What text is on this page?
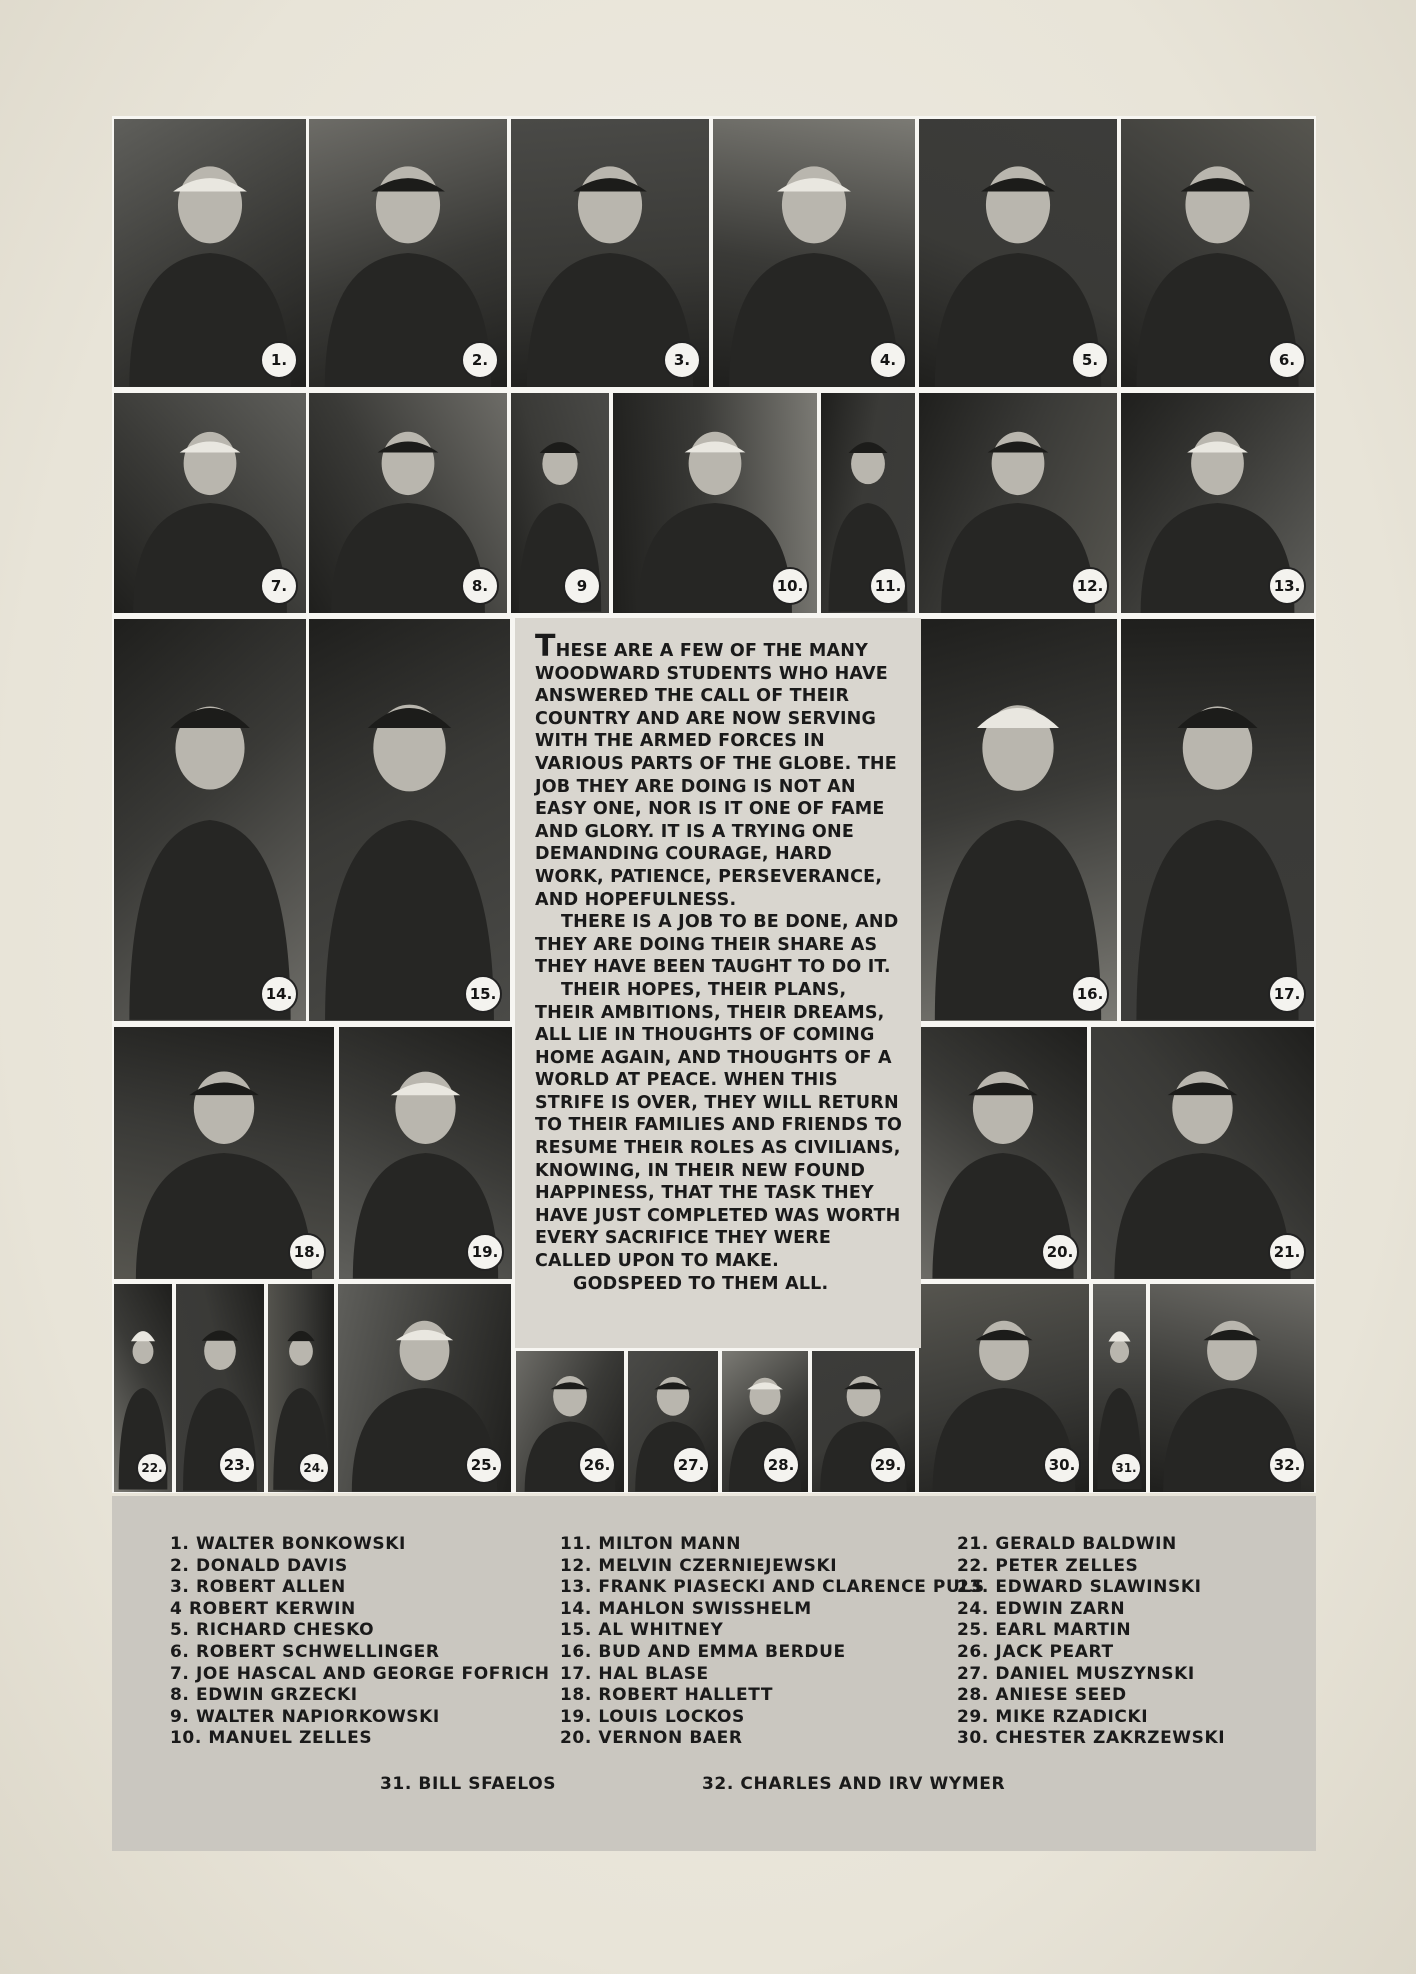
1.	2.	3.	4.	5.	6.
7.	8.	9	10.	11.	12.	13.
14.	15.	16.	17.
18.	19.	20.	21.
22.	23.	24.	25.	26.	27.	28.	29.	30.	31.	32.

THESE ARE A FEW OF THE MANY WOODWARD STUDENTS WHO HAVE ANSWERED THE CALL OF THEIR COUNTRY AND ARE NOW SERVING WITH THE ARMED FORCES IN VARIOUS PARTS OF THE GLOBE. THE JOB THEY ARE DOING IS NOT AN EASY ONE, NOR IS IT ONE OF FAME AND GLORY. IT IS A TRYING ONE DEMANDING COURAGE, HARD WORK, PATIENCE, PERSEVERANCE, AND HOPEFULNESS.

THERE IS A JOB TO BE DONE, AND THEY ARE DOING THEIR SHARE AS THEY HAVE BEEN TAUGHT TO DO IT.

THEIR HOPES, THEIR PLANS, THEIR AMBITIONS, THEIR DREAMS, ALL LIE IN THOUGHTS OF COMING HOME AGAIN, AND THOUGHTS OF A WORLD AT PEACE. WHEN THIS STRIFE IS OVER, THEY WILL RETURN TO THEIR FAMILIES AND FRIENDS TO RESUME THEIR ROLES AS CIVILIANS, KNOWING, IN THEIR NEW FOUND HAPPINESS, THAT THE TASK THEY HAVE JUST COMPLETED WAS WORTH EVERY SACRIFICE THEY WERE CALLED UPON TO MAKE.

GODSPEED TO THEM ALL.

1. WALTER BONKOWSKI
2. DONALD DAVIS
3. ROBERT ALLEN
4 ROBERT KERWIN
5. RICHARD CHESKO
6. ROBERT SCHWELLINGER
7. JOE HASCAL AND GEORGE FOFRICH
8. EDWIN GRZECKI
9. WALTER NAPIORKOWSKI
10. MANUEL ZELLES
11. MILTON MANN
12. MELVIN CZERNIEJEWSKI
13. FRANK PIASECKI AND CLARENCE PULS
14. MAHLON SWISSHELM
15. AL WHITNEY
16. BUD AND EMMA BERDUE
17. HAL BLASE
18. ROBERT HALLETT
19. LOUIS LOCKOS
20. VERNON BAER
21. GERALD BALDWIN
22. PETER ZELLES
23. EDWARD SLAWINSKI
24. EDWIN ZARN
25. EARL MARTIN
26. JACK PEART
27. DANIEL MUSZYNSKI
28. ANIESE SEED
29. MIKE RZADICKI
30. CHESTER ZAKRZEWSKI
31. BILL SFAELOS	32. CHARLES AND IRV WYMER
